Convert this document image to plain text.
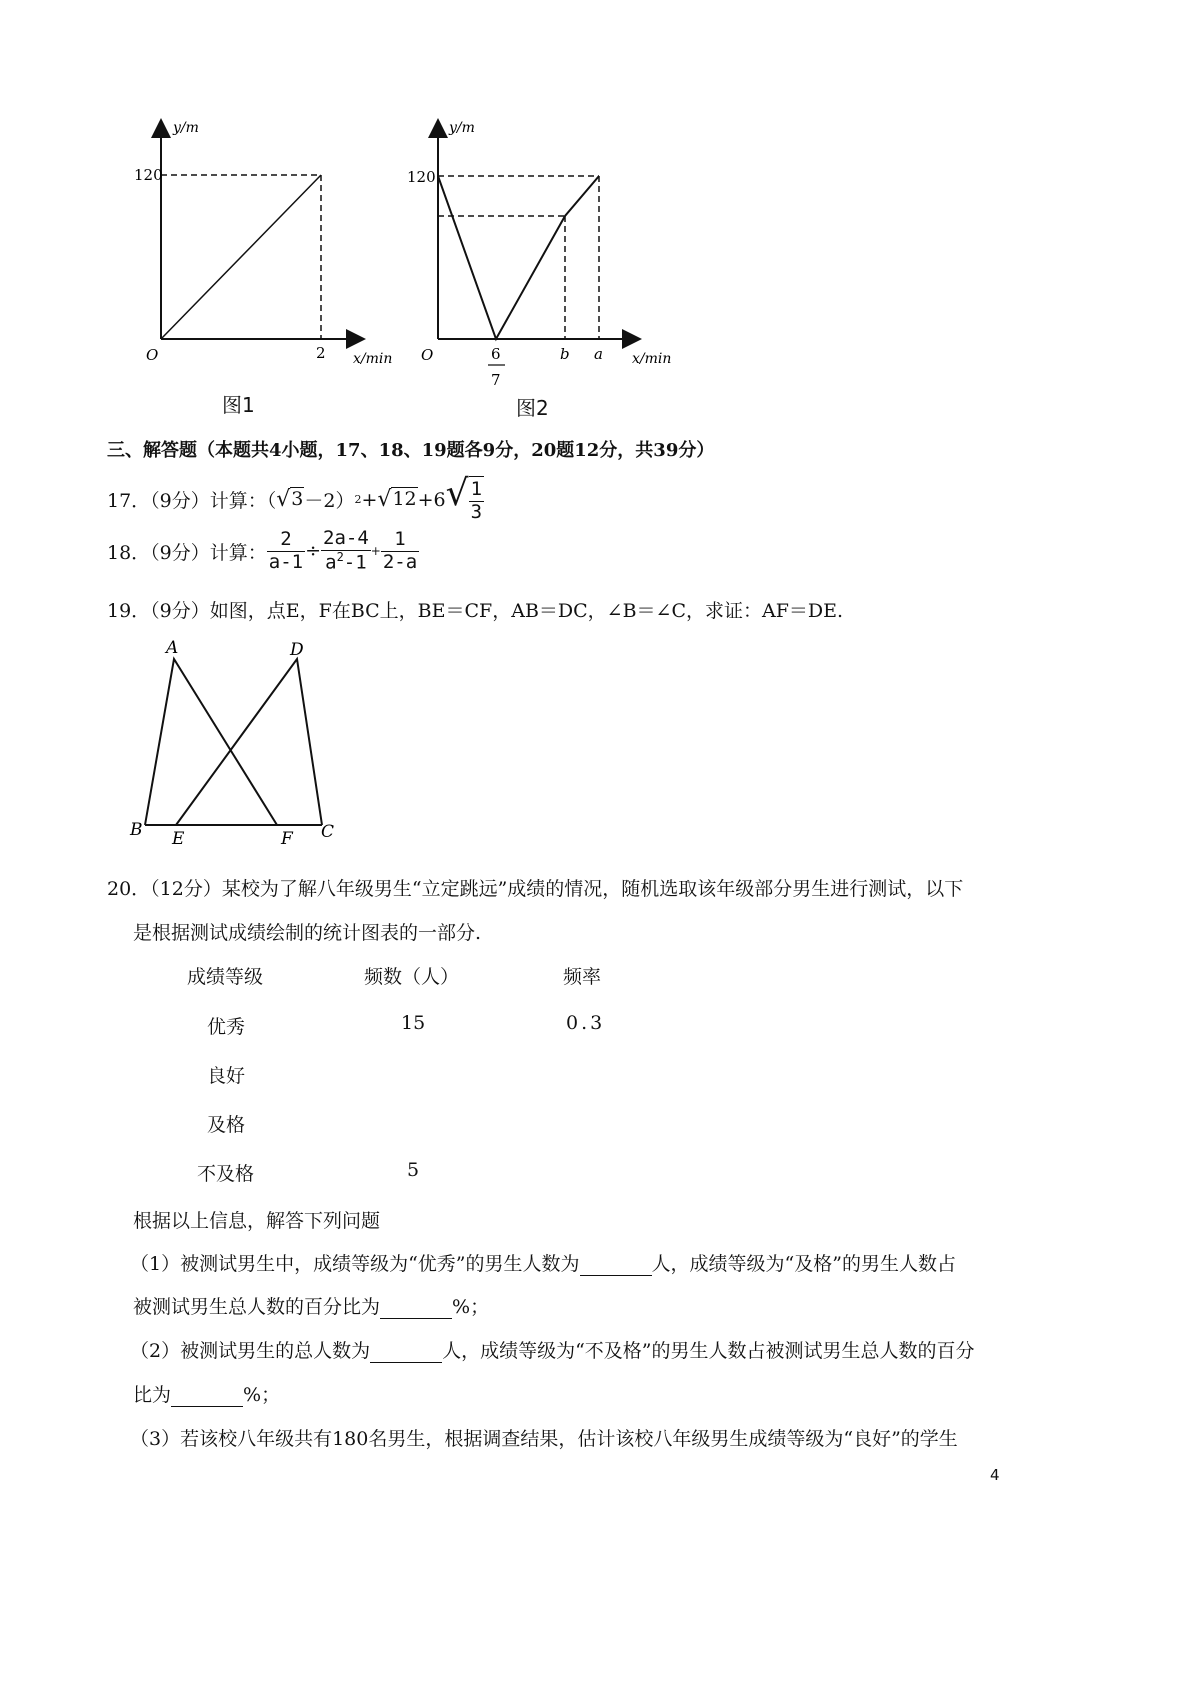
y/m
120
O	2 x/min
图1
y/m
120
O	6
7
b a x/min
图2
三、解答题（本题共4小题，17、18、19题各9分，20题12分，共39分）
17．（9分）计算：（ √ 3 －2） 2 + √ 12 +6 √ $\frac{1}{3}$
18．（9分）计算： $\frac{2}{a-1} \div \frac{2a-4}{a^2-1} + \frac{1}{2-a}$
19．（9分）如图，点E，F在BC上，BE＝CF，AB＝DC，∠B＝∠C，求证：AF＝DE.
A	D
B E	F C
20．（12分）某校为了解八年级男生“立定跳远”成绩的情况，随机选取该年级部分男生进行测试，以下
是根据测试成绩绘制的统计图表的一部分.
成绩等级	频数（人）	频率
优秀	15	0.3
良好
及格
不及格	5
根据以上信息，解答下列问题
（1）被测试男生中，成绩等级为“优秀”的男生人数为	人，成绩等级为“及格”的男生人数占
被测试男生总人数的百分比为	%；
（2）被测试男生的总人数为	人，成绩等级为“不及格”的男生人数占被测试男生总人数的百分
比为	%；
（3）若该校八年级共有180名男生，根据调查结果，估计该校八年级男生成绩等级为“良好”的学生
4
